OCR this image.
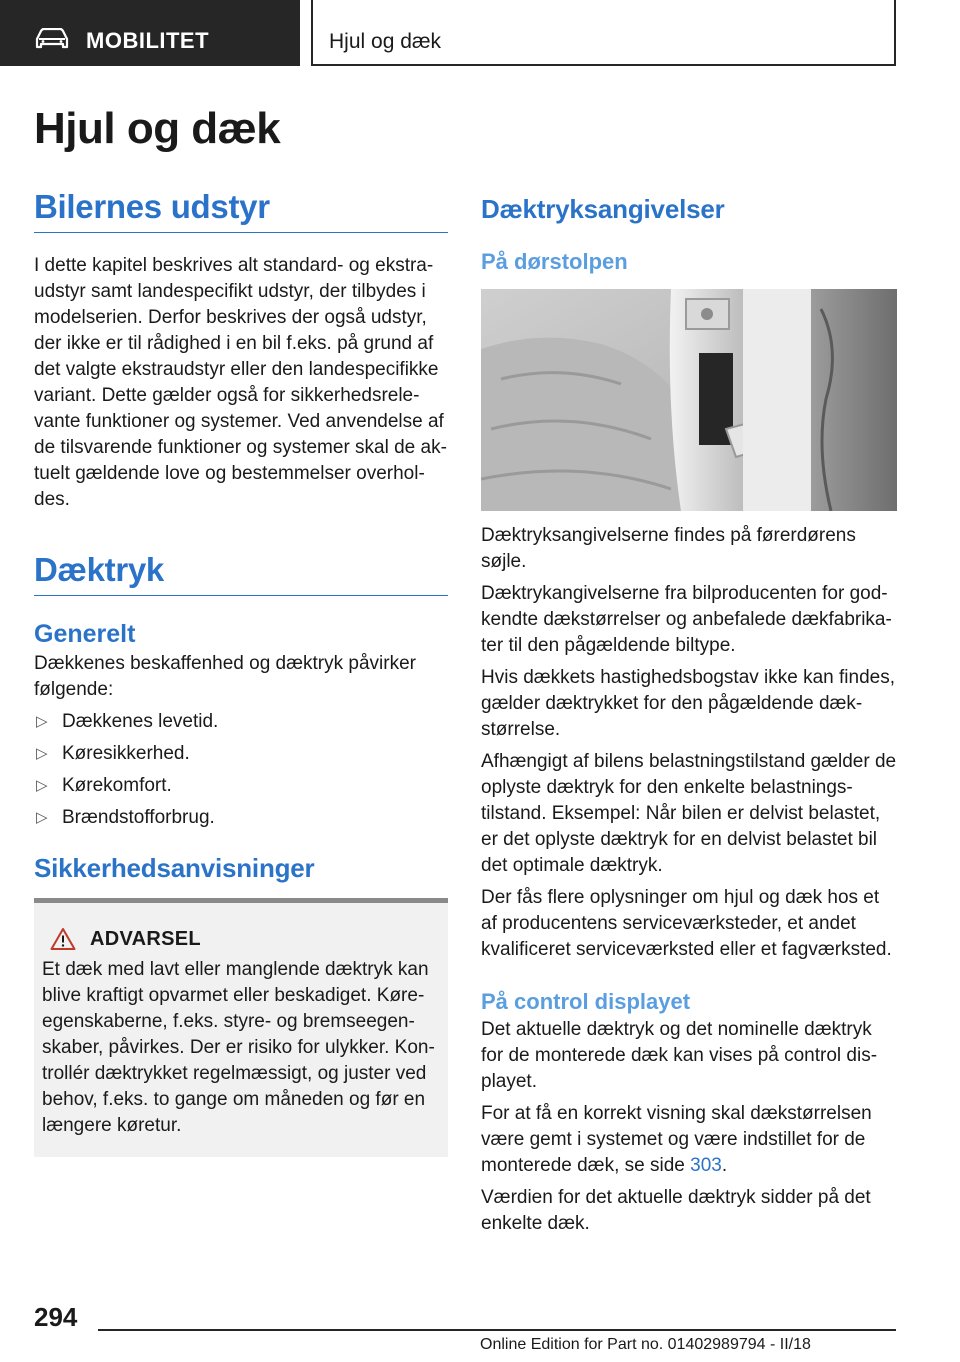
MOBILITET	Hjul og dæk
Hjul og dæk
Bilernes udstyr

I dette kapitel beskrives alt standard- og ekstra-udstyr samt landespecifikt udstyr, der tilbydes i modelserien. Derfor beskrives der også udstyr, der ikke er til rådighed i en bil f.eks. på grund af det valgte ekstraudstyr eller den landespecifikke variant. Dette gælder også for sikkerhedsrele-vante funktioner og systemer. Ved anvendelse af de tilsvarende funktioner og systemer skal de ak-tuelt gældende love og bestemmelser overhol-des.

Dæktryk
Generelt

Dækkenes beskaffenhed og dæktryk påvirker følgende:

▷ Dækkenes levetid.
▷ Køresikkerhed.
▷ Kørekomfort.
▷ Brændstofforbrug.
Sikkerhedsanvisninger
ADVARSEL

Et dæk med lavt eller manglende dæktryk kan blive kraftigt opvarmet eller beskadiget. Køre-egenskaberne, f.eks. styre- og bremseegen-skaber, påvirkes. Der er risiko for ulykker. Kon-trollér dæktrykket regelmæssigt, og juster ved behov, f.eks. to gange om måneden og før en længere køretur.

Dæktryksangivelser
På dørstolpen

Dæktryksangivelserne findes på førerdørens søjle.

Dæktrykangivelserne fra bilproducenten for god-kendte dækstørrelser og anbefalede dækfabrika-ter til den pågældende biltype.

Hvis dækkets hastighedsbogstav ikke kan findes, gælder dæktrykket for den pågældende dæk-størrelse.

Afhængigt af bilens belastningstilstand gælder de oplyste dæktryk for den enkelte belastnings-tilstand. Eksempel: Når bilen er delvist belastet, er det oplyste dæktryk for en delvist belastet bil det optimale dæktryk.

Der fås flere oplysninger om hjul og dæk hos et af producentens serviceværksteder, et andet kvalificeret serviceværksted eller et fagværksted.

På control displayet

Det aktuelle dæktryk og det nominelle dæktryk for de monterede dæk kan vises på control dis-playet.

For at få en korrekt visning skal dækstørrelsen være gemt i systemet og være indstillet for de monterede dæk, se side 303.

Værdien for det aktuelle dæktryk sidder på det enkelte dæk.

294
Online Edition for Part no. 01402989794 - II/18
